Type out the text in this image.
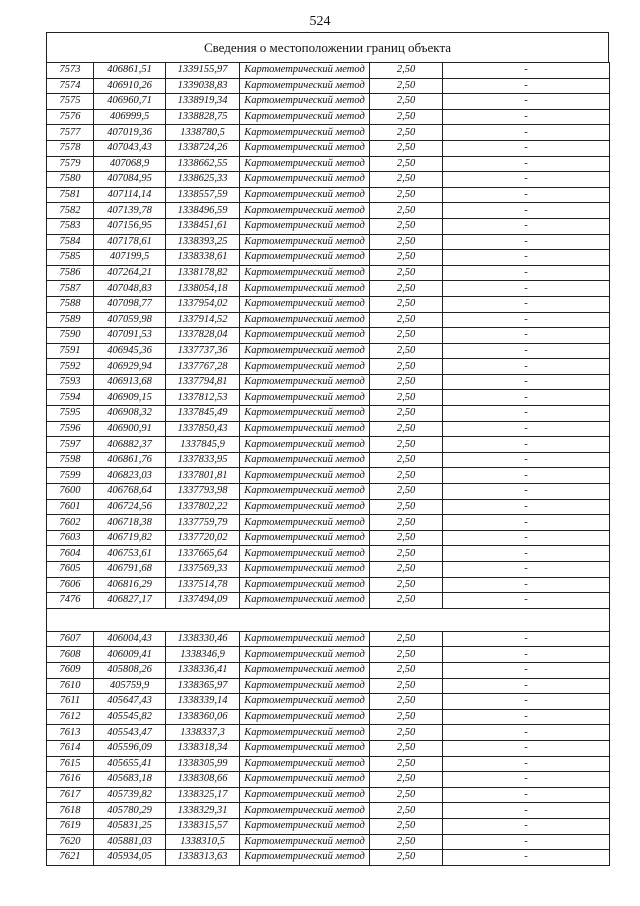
524
Сведения о местоположении границ объекта
7573	406861,51	1339155,97	Картометрический метод	2,50	-
7574	406910,26	1339038,83	Картометрический метод	2,50	-
7575	406960,71	1338919,34	Картометрический метод	2,50	-
7576	406999,5	1338828,75	Картометрический метод	2,50	-
7577	407019,36	1338780,5	Картометрический метод	2,50	-
7578	407043,43	1338724,26	Картометрический метод	2,50	-
7579	407068,9	1338662,55	Картометрический метод	2,50	-
7580	407084,95	1338625,33	Картометрический метод	2,50	-
7581	407114,14	1338557,59	Картометрический метод	2,50	-
7582	407139,78	1338496,59	Картометрический метод	2,50	-
7583	407156,95	1338451,61	Картометрический метод	2,50	-
7584	407178,61	1338393,25	Картометрический метод	2,50	-
7585	407199,5	1338338,61	Картометрический метод	2,50	-
7586	407264,21	1338178,82	Картометрический метод	2,50	-
7587	407048,83	1338054,18	Картометрический метод	2,50	-
7588	407098,77	1337954,02	Картометрический метод	2,50	-
7589	407059,98	1337914,52	Картометрический метод	2,50	-
7590	407091,53	1337828,04	Картометрический метод	2,50	-
7591	406945,36	1337737,36	Картометрический метод	2,50	-
7592	406929,94	1337767,28	Картометрический метод	2,50	-
7593	406913,68	1337794,81	Картометрический метод	2,50	-
7594	406909,15	1337812,53	Картометрический метод	2,50	-
7595	406908,32	1337845,49	Картометрический метод	2,50	-
7596	406900,91	1337850,43	Картометрический метод	2,50	-
7597	406882,37	1337845,9	Картометрический метод	2,50	-
7598	406861,76	1337833,95	Картометрический метод	2,50	-
7599	406823,03	1337801,81	Картометрический метод	2,50	-
7600	406768,64	1337793,98	Картометрический метод	2,50	-
7601	406724,56	1337802,22	Картометрический метод	2,50	-
7602	406718,38	1337759,79	Картометрический метод	2,50	-
7603	406719,82	1337720,02	Картометрический метод	2,50	-
7604	406753,61	1337665,64	Картометрический метод	2,50	-
7605	406791,68	1337569,33	Картометрический метод	2,50	-
7606	406816,29	1337514,78	Картометрический метод	2,50	-
7476	406827,17	1337494,09	Картометрический метод	2,50	-

7607	406004,43	1338330,46	Картометрический метод	2,50	-
7608	406009,41	1338346,9	Картометрический метод	2,50	-
7609	405808,26	1338336,41	Картометрический метод	2,50	-
7610	405759,9	1338365,97	Картометрический метод	2,50	-
7611	405647,43	1338339,14	Картометрический метод	2,50	-
7612	405545,82	1338360,06	Картометрический метод	2,50	-
7613	405543,47	1338337,3	Картометрический метод	2,50	-
7614	405596,09	1338318,34	Картометрический метод	2,50	-
7615	405655,41	1338305,99	Картометрический метод	2,50	-
7616	405683,18	1338308,66	Картометрический метод	2,50	-
7617	405739,82	1338325,17	Картометрический метод	2,50	-
7618	405780,29	1338329,31	Картометрический метод	2,50	-
7619	405831,25	1338315,57	Картометрический метод	2,50	-
7620	405881,03	1338310,5	Картометрический метод	2,50	-
7621	405934,05	1338313,63	Картометрический метод	2,50	-
